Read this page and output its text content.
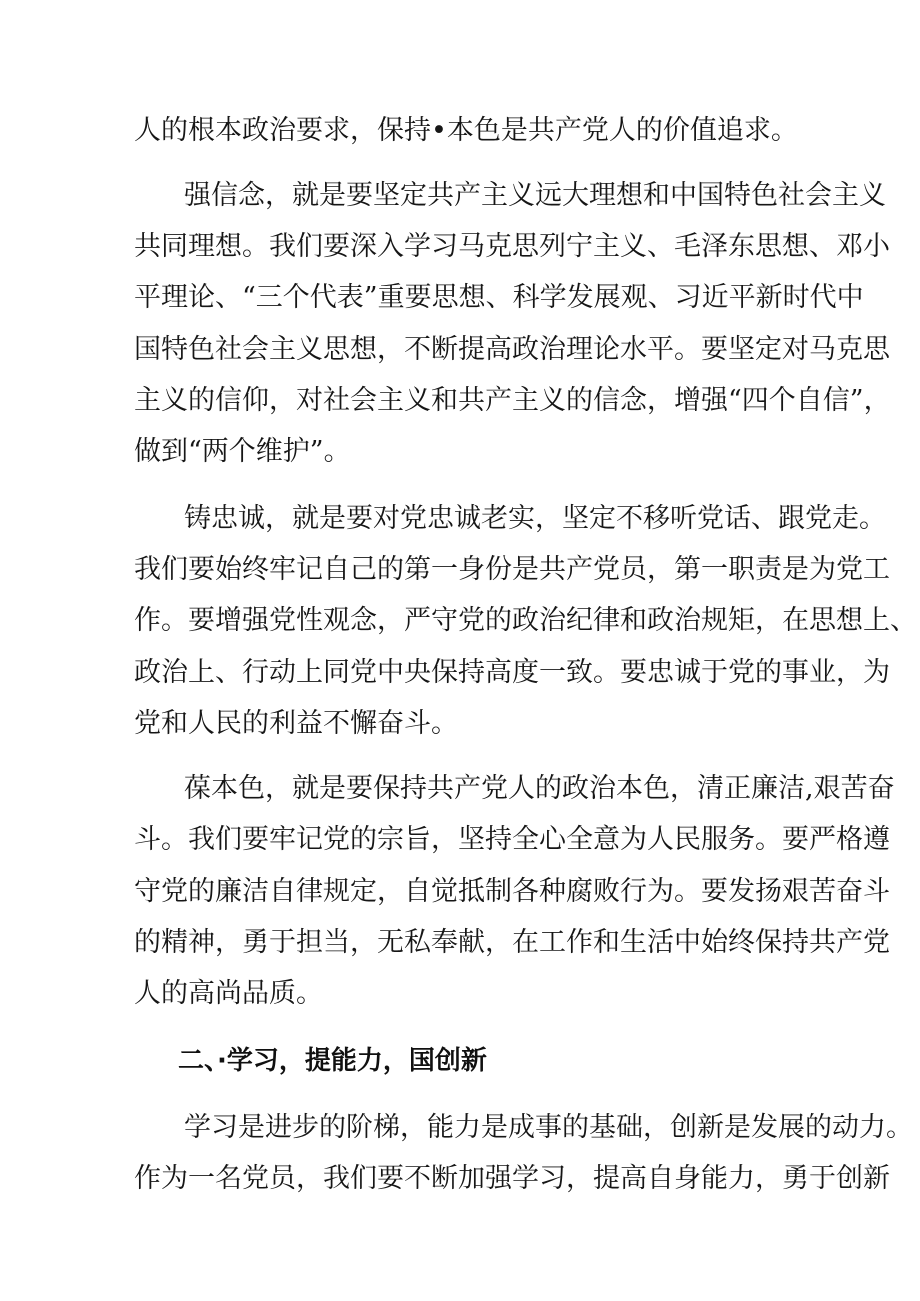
人的根本政治要求，保持•本色是共产党人的价值追求。

强信念，就是要坚定共产主义远大理想和中国特色社会主义

共同理想。我们要深入学习马克思列宁主义、毛泽东思想、邓小

平理论、“三个代表”重要思想、科学发展观、习近平新时代中

国特色社会主义思想，不断提高政治理论水平。要坚定对马克思

主义的信仰，对社会主义和共产主义的信念，增强“四个自信”，

做到“两个维护”。

铸忠诚，就是要对党忠诚老实，坚定不移听党话、跟党走。

我们要始终牢记自己的第一身份是共产党员，第一职责是为党工

作。要增强党性观念，严守党的政治纪律和政治规矩，在思想上、

政治上、行动上同党中央保持高度一致。要忠诚于党的事业，为

党和人民的利益不懈奋斗。

葆本色，就是要保持共产党人的政治本色，清正廉洁,艰苦奋

斗。我们要牢记党的宗旨，坚持全心全意为人民服务。要严格遵

守党的廉洁自律规定，自觉抵制各种腐败行为。要发扬艰苦奋斗

的精神，勇于担当，无私奉献，在工作和生活中始终保持共产党

人的高尚品质。

二、·学习，提能力，国创新

学习是进步的阶梯，能力是成事的基础，创新是发展的动力。

作为一名党员，我们要不断加强学习，提高自身能力，勇于创新
